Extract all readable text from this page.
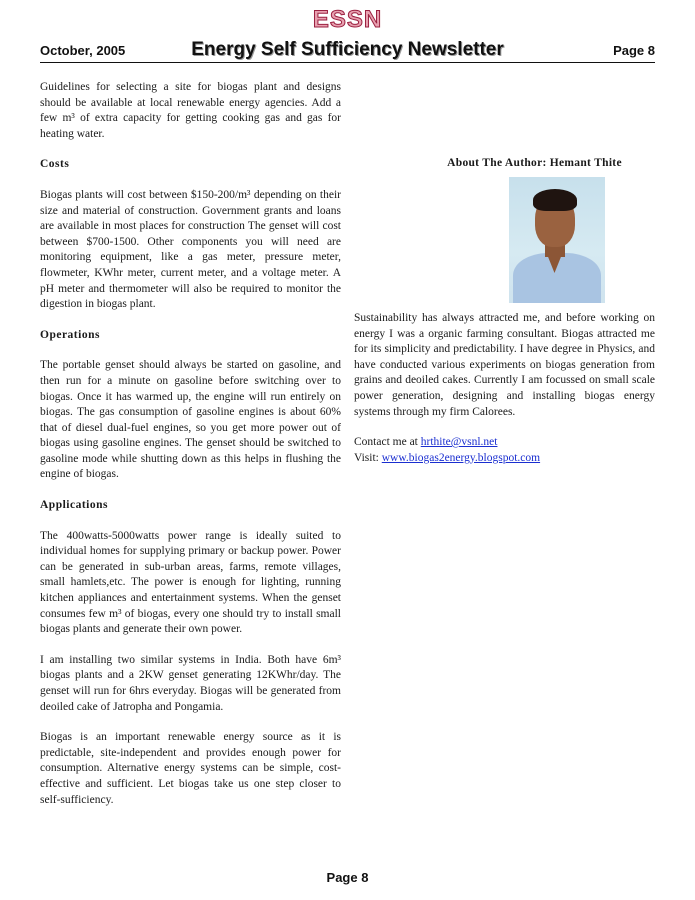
ESSN
October, 2005	Energy Self Sufficiency Newsletter	Page 8

Guidelines for selecting a site for biogas plant and designs should be available at local renewable energy agencies. Add a few m³ of extra capacity for getting cooking gas and gas for heating water.

Costs

Biogas plants will cost between $150-200/m³ depending on their size and material of construction. Government grants and loans are available in most places for construction The genset will cost between $700-1500. Other components you will need are monitoring equipment, like a gas meter, pressure meter, flowmeter, KWhr meter, current meter, and a voltage meter. A pH meter and thermometer will also be required to monitor the digestion in biogas plant.

Operations

The portable genset should always be started on gasoline, and then run for a minute on gasoline before switching over to biogas. Once it has warmed up, the engine will run entirely on biogas. The gas consumption of gasoline engines is about 60% that of diesel dual-fuel engines, so you get more power out of biogas using gasoline engines. The genset should be switched to gasoline mode while shutting down as this helps in flushing the engine of biogas.

Applications

The 400watts-5000watts power range is ideally suited to individual homes for supplying primary or backup power. Power can be generated in sub-urban areas, farms, remote villages, small hamlets,etc. The power is enough for lighting, running kitchen appliances and entertainment systems. When the genset consumes few m³ of biogas, every one should try to install small biogas plants and generate their own power.

I am installing two similar systems in India. Both have 6m³ biogas plants and a 2KW genset generating 12KWhr/day. The genset will run for 6hrs everyday. Biogas will be generated from deoiled cake of Jatropha and Pongamia.

Biogas is an important renewable energy source as it is predictable, site-independent and provides enough power for consumption. Alternative energy systems can be simple, cost-effective and sufficient. Let biogas take us one step closer to self-sufficiency.

About The Author: Hemant Thite

Sustainability has always attracted me, and before working on energy I was a organic farming consultant. Biogas attracted me for its simplicity and predictability. I have degree in Physics, and have conducted various experiments on biogas generation from grains and deoiled cakes. Currently I am focussed on small scale power generation, designing and installing biogas energy systems through my firm Calorees.

Contact me at hrthite@vsnl.net

Visit: www.biogas2energy.blogspot.com

Page 8
